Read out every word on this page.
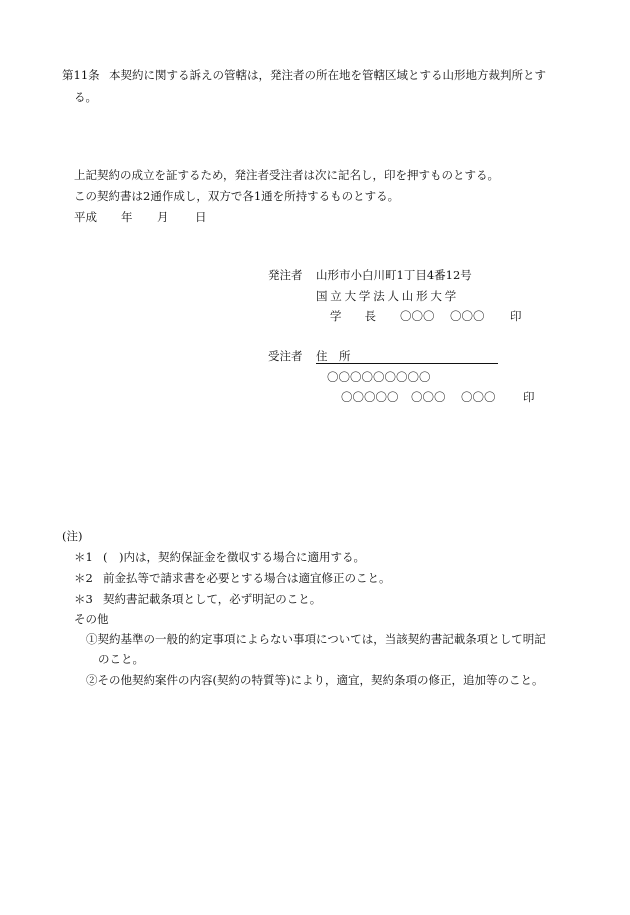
第11条 本契約に関する訴えの管轄は，発注者の所在地を管轄区域とする山形地方裁判所とす
る。
上記契約の成立を証するため，発注者受注者は次に記名し，印を押すものとする。
この契約書は2通作成し，双方で各1通を所持するものとする。
平成 年 月 日
発注者 山形市小白川町1丁目4番12号
国立大学法人山形大学
学　　長 〇〇〇 〇〇〇 印
受注者 住　所
〇〇〇〇〇〇〇〇〇
〇〇〇〇〇 〇〇〇 〇〇〇 印
(注)
＊1 (　)内は，契約保証金を徴収する場合に適用する。
＊2 前金払等で請求書を必要とする場合は適宜修正のこと。
＊3 契約書記載条項として，必ず明記のこと。
その他
①契約基準の一般的約定事項によらない事項については，当該契約書記載条項として明記
のこと。
②その他契約案件の内容(契約の特質等)により，適宜，契約条項の修正，追加等のこと。
